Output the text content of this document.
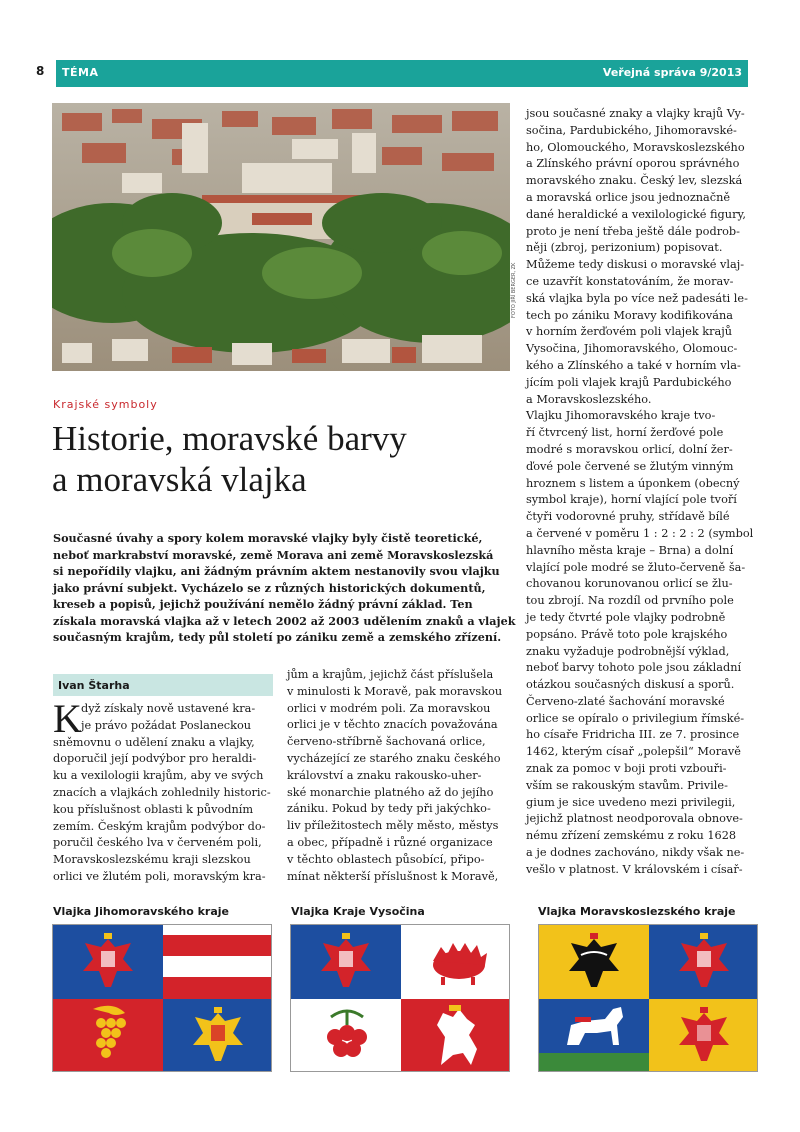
8 TÉMA	Veřejná správa 9/2013
FOTO JIŘÍ BERGER, ZK
Krajské symboly
Historie, moravské barvy
a moravská vlajka

Současné úvahy a spory kolem moravské vlajky byly čistě teoretické,

neboť markrabství moravské, země Morava ani země Moravskoslezská

si nepořídily vlajku, ani žádným právním aktem nestanovily svou vlajku

jako právní subjekt. Vycházelo se z různých historických dokumentů,

kreseb a popisů, jejichž používání nemělo žádný právní základ. Ten

získala moravská vlajka až v letech 2002 až 2003 udělením znaků a vlajek

současným krajům, tedy půl století po zániku země a zemského zřízení.

Ivan Štarha
K dyž získaly nově ustavené kra-

je právo požádat Poslaneckou

sněmovnu o udělení znaku a vlajky,

doporučil její podvýbor pro heraldi-

ku a vexilologii krajům, aby ve svých

znacích a vlajkách zohlednily historic-

kou příslušnost oblasti k původním

zemím. Českým krajům podvýbor do-

poručil českého lva v červeném poli,

Moravskoslezskému kraji slezskou

orlici ve žlutém poli, moravským kra-

jům a krajům, jejichž část příslušela

v minulosti k Moravě, pak moravskou

orlici v modrém poli. Za moravskou

orlici je v těchto znacích považována

červeno-stříbrně šachovaná orlice,

vycházející ze starého znaku českého

království a znaku rakousko-uher-

ské monarchie platného až do jejího

zániku. Pokud by tedy při jakýchko-

liv příležitostech měly město, městys

a obec, případně i různé organizace

v těchto oblastech působící, připo-

mínat některší příslušnost k Moravě,

jsou současné znaky a vlajky krajů Vy-

sočina, Pardubického, Jihomoravské-

ho, Olomouckého, Moravskoslezského

a Zlínského právní oporou správného

moravského znaku. Český lev, slezská

a moravská orlice jsou jednoznačně

dané heraldické a vexilologické figury,

proto je není třeba ještě dále podrob-

něji (zbroj, perizonium) popisovat.

Můžeme tedy diskusi o moravské vlaj-

ce uzavřít konstatováním, že morav-

ská vlajka byla po více než padesáti le-

tech po zániku Moravy kodifikována

v horním žerďovém poli vlajek krajů

Vysočina, Jihomoravského, Olomouc-

kého a Zlínského a také v horním vla-

jícím poli vlajek krajů Pardubického

a Moravskoslezského.

Vlajku Jihomoravského kraje tvo-

ří čtvrcený list, horní žerďové pole

modré s moravskou orlicí, dolní žer-

ďové pole červené se žlutým vinným

hroznem s listem a úponkem (obecný

symbol kraje), horní vlající pole tvoří

čtyři vodorovné pruhy, střídavě bílé

a červené v poměru 1 : 2 : 2 : 2 (symbol

hlavního města kraje – Brna) a dolní

vlající pole modré se žluto-červeně ša-

chovanou korunovanou orlicí se žlu-

tou zbrojí. Na rozdíl od prvního pole

je tedy čtvrté pole vlajky podrobně

popsáno. Právě toto pole krajského

znaku vyžaduje podrobnější výklad,

neboť barvy tohoto pole jsou základní

otázkou současných diskusí a sporů.

Červeno-zlaté šachování moravské

orlice se opíralo o privilegium římské-

ho císaře Fridricha III. ze 7. prosince

1462, kterým císař „polepšil“ Moravě

znak za pomoc v boji proti vzbouři-

vším se rakouským stavům. Privile-

gium je sice uvedeno mezi privilegii,

jejichž platnost neodporovala obnove-

nému zřízení zemskému z roku 1628

a je dodnes zachováno, nikdy však ne-

vešlo v platnost. V královském i císař-

Vlajka Jihomoravského kraje	Vlajka Kraje Vysočina	Vlajka Moravskoslezského kraje
